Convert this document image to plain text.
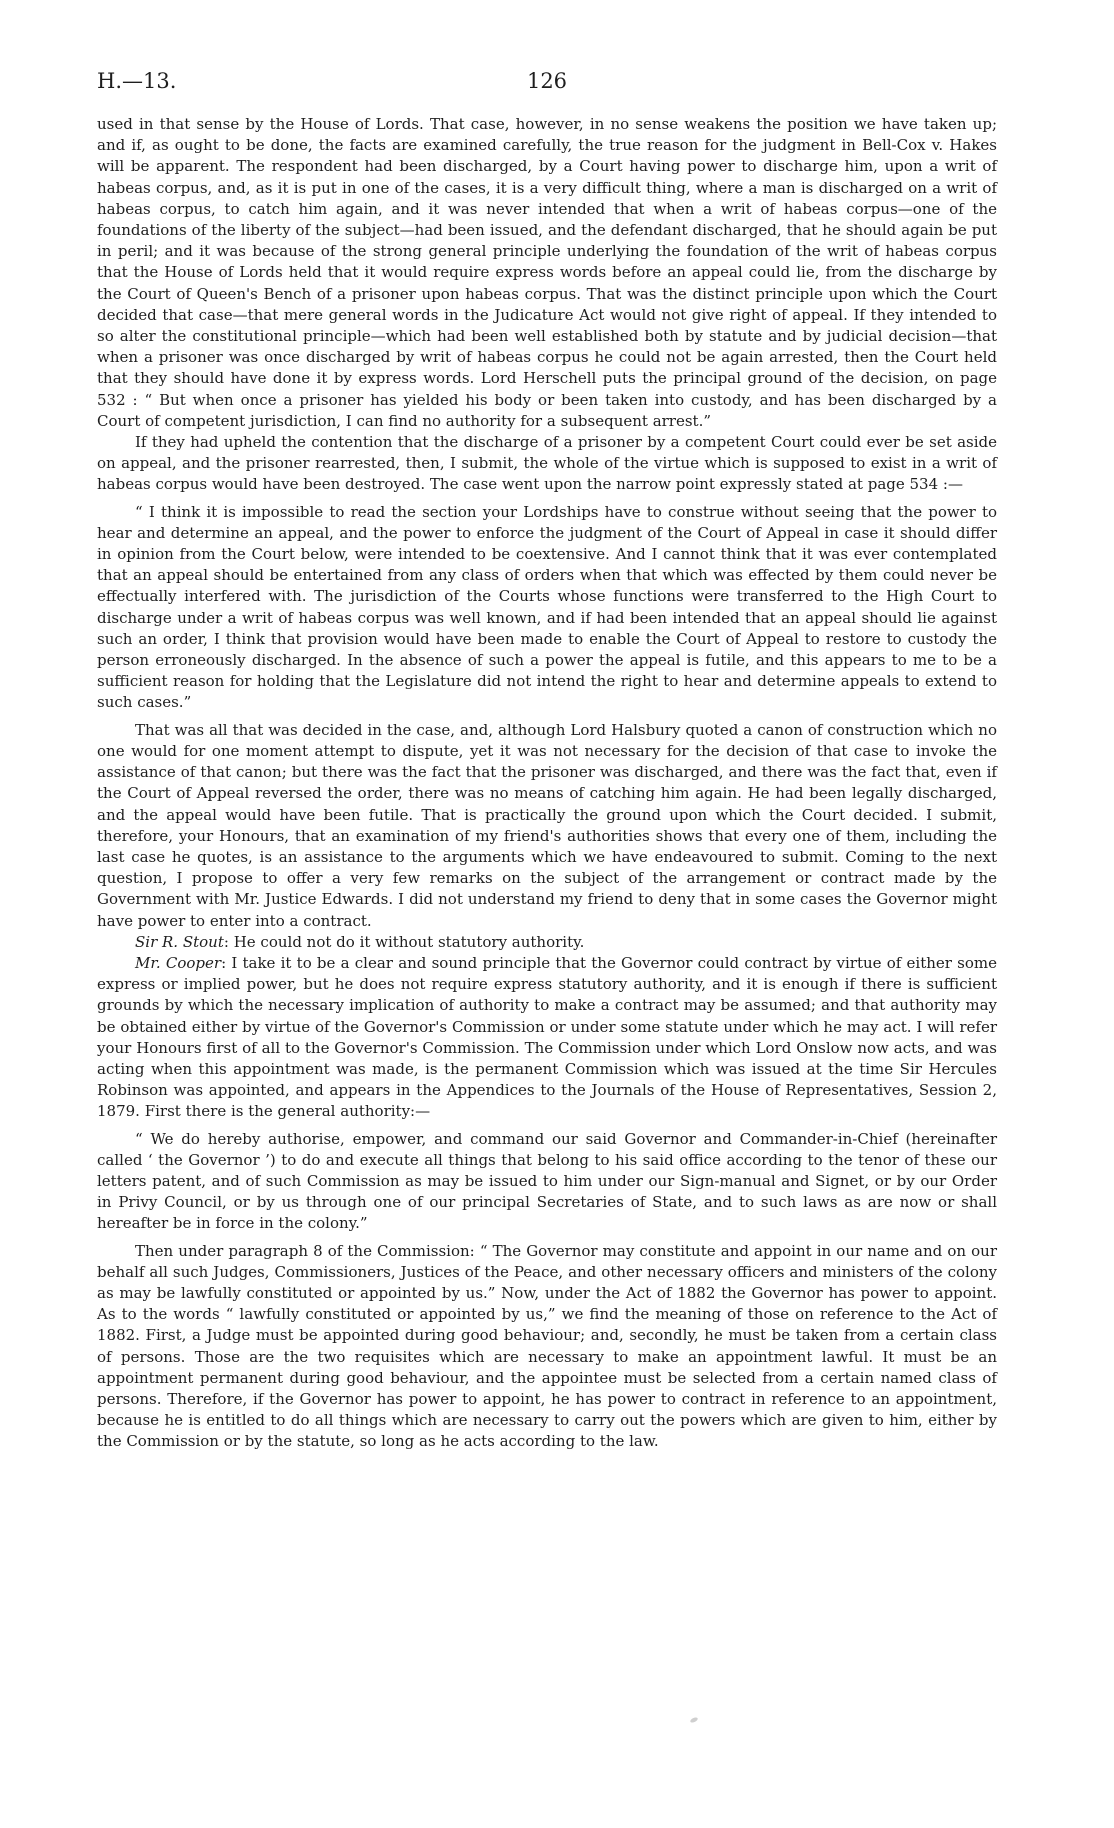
126
H.—13.

used in that sense by the House of Lords. That case, however, in no sense weakens the position we have taken up; and if, as ought to be done, the facts are examined carefully, the true reason for the judgment in Bell-Cox v. Hakes will be apparent. The respondent had been discharged, by a Court having power to discharge him, upon a writ of habeas corpus, and, as it is put in one of the cases, it is a very difficult thing, where a man is discharged on a writ of habeas corpus, to catch him again, and it was never intended that when a writ of habeas corpus—one of the foundations of the liberty of the subject—had been issued, and the defendant discharged, that he should again be put in peril; and it was because of the strong general principle underlying the foundation of the writ of habeas corpus that the House of Lords held that it would require express words before an appeal could lie, from the discharge by the Court of Queen's Bench of a prisoner upon habeas corpus. That was the distinct principle upon which the Court decided that case—that mere general words in the Judicature Act would not give right of appeal. If they intended to so alter the constitutional principle—which had been well established both by statute and by judicial decision—that when a prisoner was once discharged by writ of habeas corpus he could not be again arrested, then the Court held that they should have done it by express words. Lord Herschell puts the principal ground of the decision, on page 532 : “ But when once a prisoner has yielded his body or been taken into custody, and has been discharged by a Court of competent jurisdiction, I can find no authority for a subsequent arrest.”

If they had upheld the contention that the discharge of a prisoner by a competent Court could ever be set aside on appeal, and the prisoner rearrested, then, I submit, the whole of the virtue which is supposed to exist in a writ of habeas corpus would have been destroyed. The case went upon the narrow point expressly stated at page 534 :—

“ I think it is impossible to read the section your Lordships have to construe without seeing that the power to hear and determine an appeal, and the power to enforce the judgment of the Court of Appeal in case it should differ in opinion from the Court below, were intended to be coextensive. And I cannot think that it was ever contemplated that an appeal should be entertained from any class of orders when that which was effected by them could never be effectually interfered with. The jurisdiction of the Courts whose functions were transferred to the High Court to discharge under a writ of habeas corpus was well known, and if had been intended that an appeal should lie against such an order, I think that provision would have been made to enable the Court of Appeal to restore to custody the person erroneously discharged. In the absence of such a power the appeal is futile, and this appears to me to be a sufficient reason for holding that the Legislature did not intend the right to hear and determine appeals to extend to such cases.”

That was all that was decided in the case, and, although Lord Halsbury quoted a canon of construction which no one would for one moment attempt to dispute, yet it was not necessary for the decision of that case to invoke the assistance of that canon; but there was the fact that the prisoner was discharged, and there was the fact that, even if the Court of Appeal reversed the order, there was no means of catching him again. He had been legally discharged, and the appeal would have been futile. That is practically the ground upon which the Court decided. I submit, therefore, your Honours, that an examination of my friend's authorities shows that every one of them, including the last case he quotes, is an assistance to the arguments which we have endeavoured to submit. Coming to the next question, I propose to offer a very few remarks on the subject of the arrangement or contract made by the Government with Mr. Justice Edwards. I did not understand my friend to deny that in some cases the Governor might have power to enter into a contract.

Sir R. Stout: He could not do it without statutory authority.

Mr. Cooper: I take it to be a clear and sound principle that the Governor could contract by virtue of either some express or implied power, but he does not require express statutory authority, and it is enough if there is sufficient grounds by which the necessary implication of authority to make a contract may be assumed; and that authority may be obtained either by virtue of the Governor's Commission or under some statute under which he may act. I will refer your Honours first of all to the Governor's Commission. The Commission under which Lord Onslow now acts, and was acting when this appointment was made, is the permanent Commission which was issued at the time Sir Hercules Robinson was appointed, and appears in the Appendices to the Journals of the House of Representatives, Session 2, 1879. First there is the general authority:—

“ We do hereby authorise, empower, and command our said Governor and Commander-in-Chief (hereinafter called ‘ the Governor ’) to do and execute all things that belong to his said office according to the tenor of these our letters patent, and of such Commission as may be issued to him under our Sign-manual and Signet, or by our Order in Privy Council, or by us through one of our principal Secretaries of State, and to such laws as are now or shall hereafter be in force in the colony.”

Then under paragraph 8 of the Commission: “ The Governor may constitute and appoint in our name and on our behalf all such Judges, Commissioners, Justices of the Peace, and other necessary officers and ministers of the colony as may be lawfully constituted or appointed by us.” Now, under the Act of 1882 the Governor has power to appoint. As to the words “ lawfully constituted or appointed by us,” we find the meaning of those on reference to the Act of 1882. First, a Judge must be appointed during good behaviour; and, secondly, he must be taken from a certain class of persons. Those are the two requisites which are necessary to make an appointment lawful. It must be an appointment permanent during good behaviour, and the appointee must be selected from a certain named class of persons. Therefore, if the Governor has power to appoint, he has power to contract in reference to an appointment, because he is entitled to do all things which are necessary to carry out the powers which are given to him, either by the Commission or by the statute, so long as he acts according to the law.
